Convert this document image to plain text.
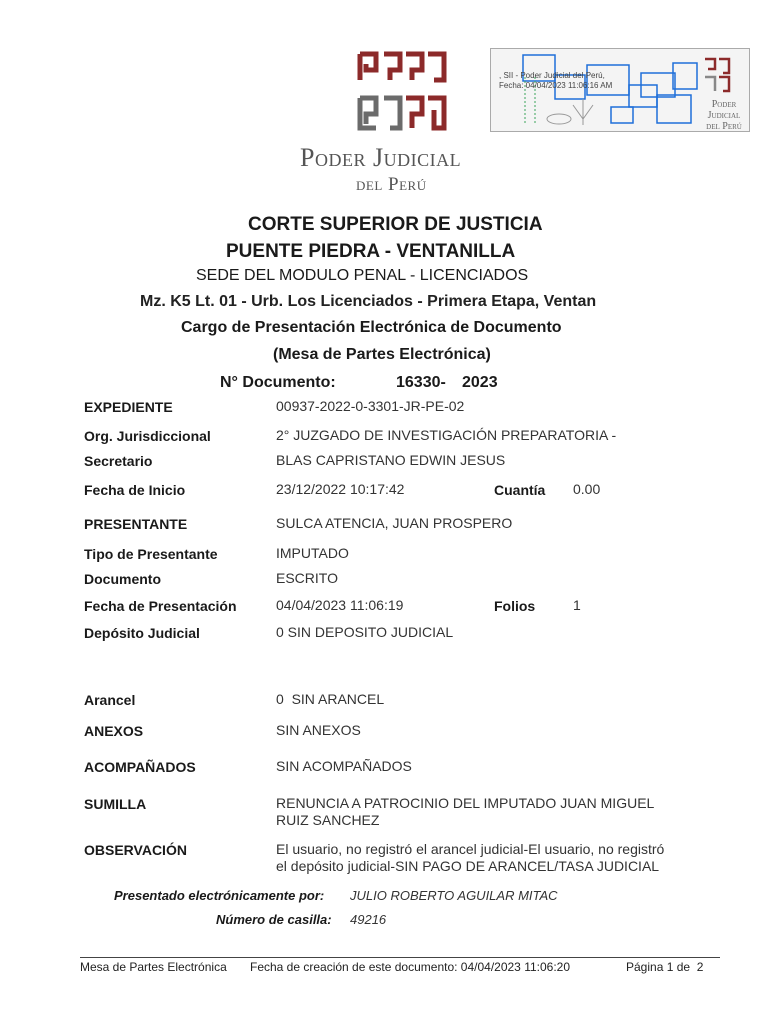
Poder Judicial
del Perú
, SII - Poder Judicial del Perú,
Fecha: 04/04/2023 11:06:16 AM
Poder Judicial
del Perú
CORTE SUPERIOR DE JUSTICIA
PUENTE PIEDRA - VENTANILLA
SEDE DEL MODULO PENAL - LICENCIADOS
Mz. K5 Lt. 01 - Urb. Los Licenciados - Primera Etapa, Ventan
Cargo de Presentación Electrónica de Documento
(Mesa de Partes Electrónica)
N° Documento:	16330- 2023
EXPEDIENTE	00937-2022-0-3301-JR-PE-02
Org. Jurisdiccional	2° JUZGADO DE INVESTIGACIÓN PREPARATORIA -
Secretario	BLAS CAPRISTANO EDWIN JESUS
Fecha de Inicio	23/12/2022 10:17:42	Cuantía 0.00
PRESENTANTE	SULCA ATENCIA, JUAN PROSPERO
Tipo de Presentante	IMPUTADO
Documento	ESCRITO
Fecha de Presentación	04/04/2023 11:06:19	Folios	1
Depósito Judicial	0 SIN DEPOSITO JUDICIAL
Arancel	0  SIN ARANCEL
ANEXOS	SIN ANEXOS
ACOMPAÑADOS	SIN ACOMPAÑADOS
SUMILLA	RENUNCIA A PATROCINIO DEL IMPUTADO JUAN MIGUEL
RUIZ SANCHEZ
OBSERVACIÓN	El usuario, no registró el arancel judicial-El usuario, no registró
el depósito judicial-SIN PAGO DE ARANCEL/TASA JUDICIAL
Presentado electrónicamente por: JULIO ROBERTO AGUILAR MITAC
Número de casilla: 49216
Mesa de Partes Electrónica Fecha de creación de este documento: 04/04/2023 11:06:20	Página 1 de  2
